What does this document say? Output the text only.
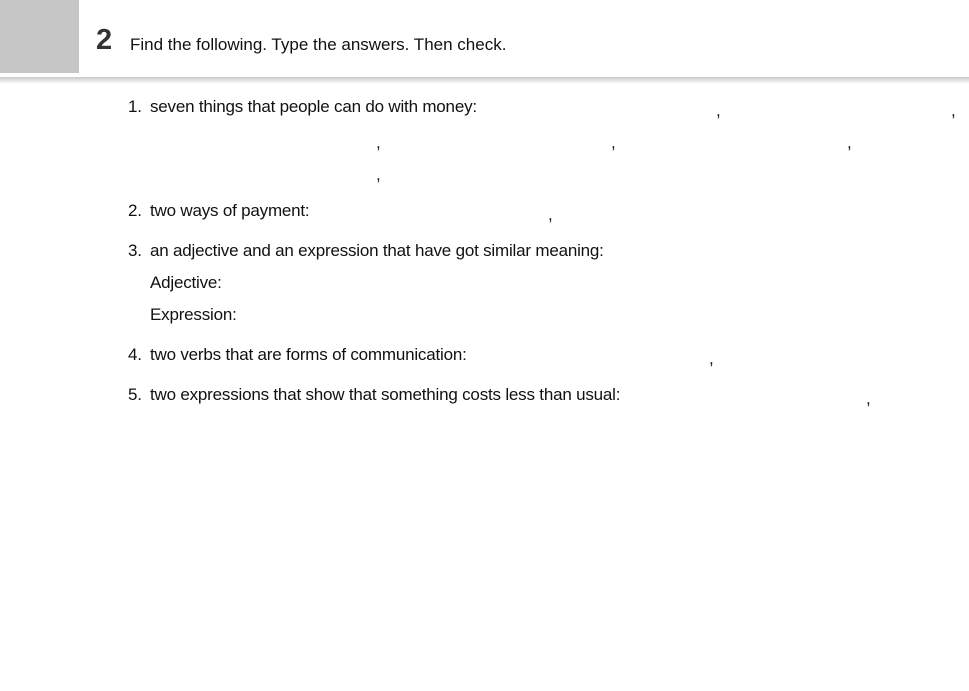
2 Find the following. Type the answers. Then check.
1. seven things that people can do with money:	,	,
,	,	,
,
2. two ways of payment:	,
3. an adjective and an expression that have got similar meaning:
Adjective:
Expression:
4. two verbs that are forms of communication:	,
5. two expressions that show that something costs less than usual:	,
